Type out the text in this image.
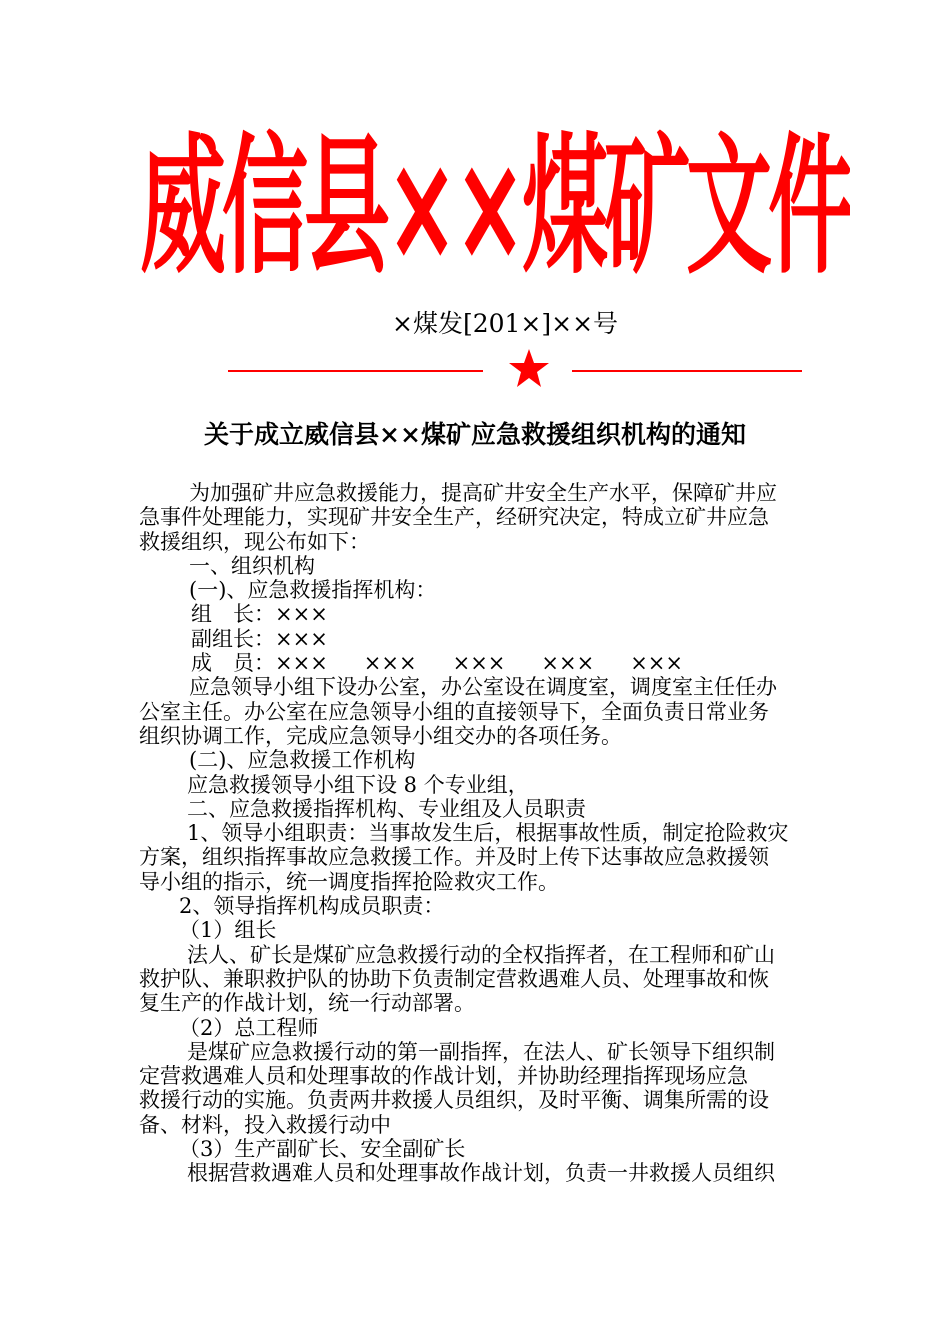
威信县××煤矿文件
×煤发[201×]××号
关于成立威信县××煤矿应急救援组织机构的通知

为加强矿井应急救援能力，提高矿井安全生产水平，保障矿井应

急事件处理能力，实现矿井安全生产，经研究决定，特成立矿井应急

救援组织，现公布如下：

一、组织机构

(一)、应急救援指挥机构：

组　长：×××

副组长：×××

成　员：××× ××× ××× ××× ×××

应急领导小组下设办公室，办公室设在调度室，调度室主任任办

公室主任。办公室在应急领导小组的直接领导下，全面负责日常业务

组织协调工作，完成应急领导小组交办的各项任务。

(二)、应急救援工作机构

应急救援领导小组下设 8 个专业组，

二、应急救援指挥机构、专业组及人员职责

1、领导小组职责：当事故发生后，根据事故性质，制定抢险救灾

方案，组织指挥事故应急救援工作。并及时上传下达事故应急救援领

导小组的指示，统一调度指挥抢险救灾工作。

2、领导指挥机构成员职责：

（1）组长

法人、矿长是煤矿应急救援行动的全权指挥者，在工程师和矿山

救护队、兼职救护队的协助下负责制定营救遇难人员、处理事故和恢

复生产的作战计划，统一行动部署。

（2）总工程师

是煤矿应急救援行动的第一副指挥，在法人、矿长领导下组织制

定营救遇难人员和处理事故的作战计划，并协助经理指挥现场应急

救援行动的实施。负责两井救援人员组织，及时平衡、调集所需的设

备、材料，投入救援行动中

（3）生产副矿长、安全副矿长

根据营救遇难人员和处理事故作战计划，负责一井救援人员组织
